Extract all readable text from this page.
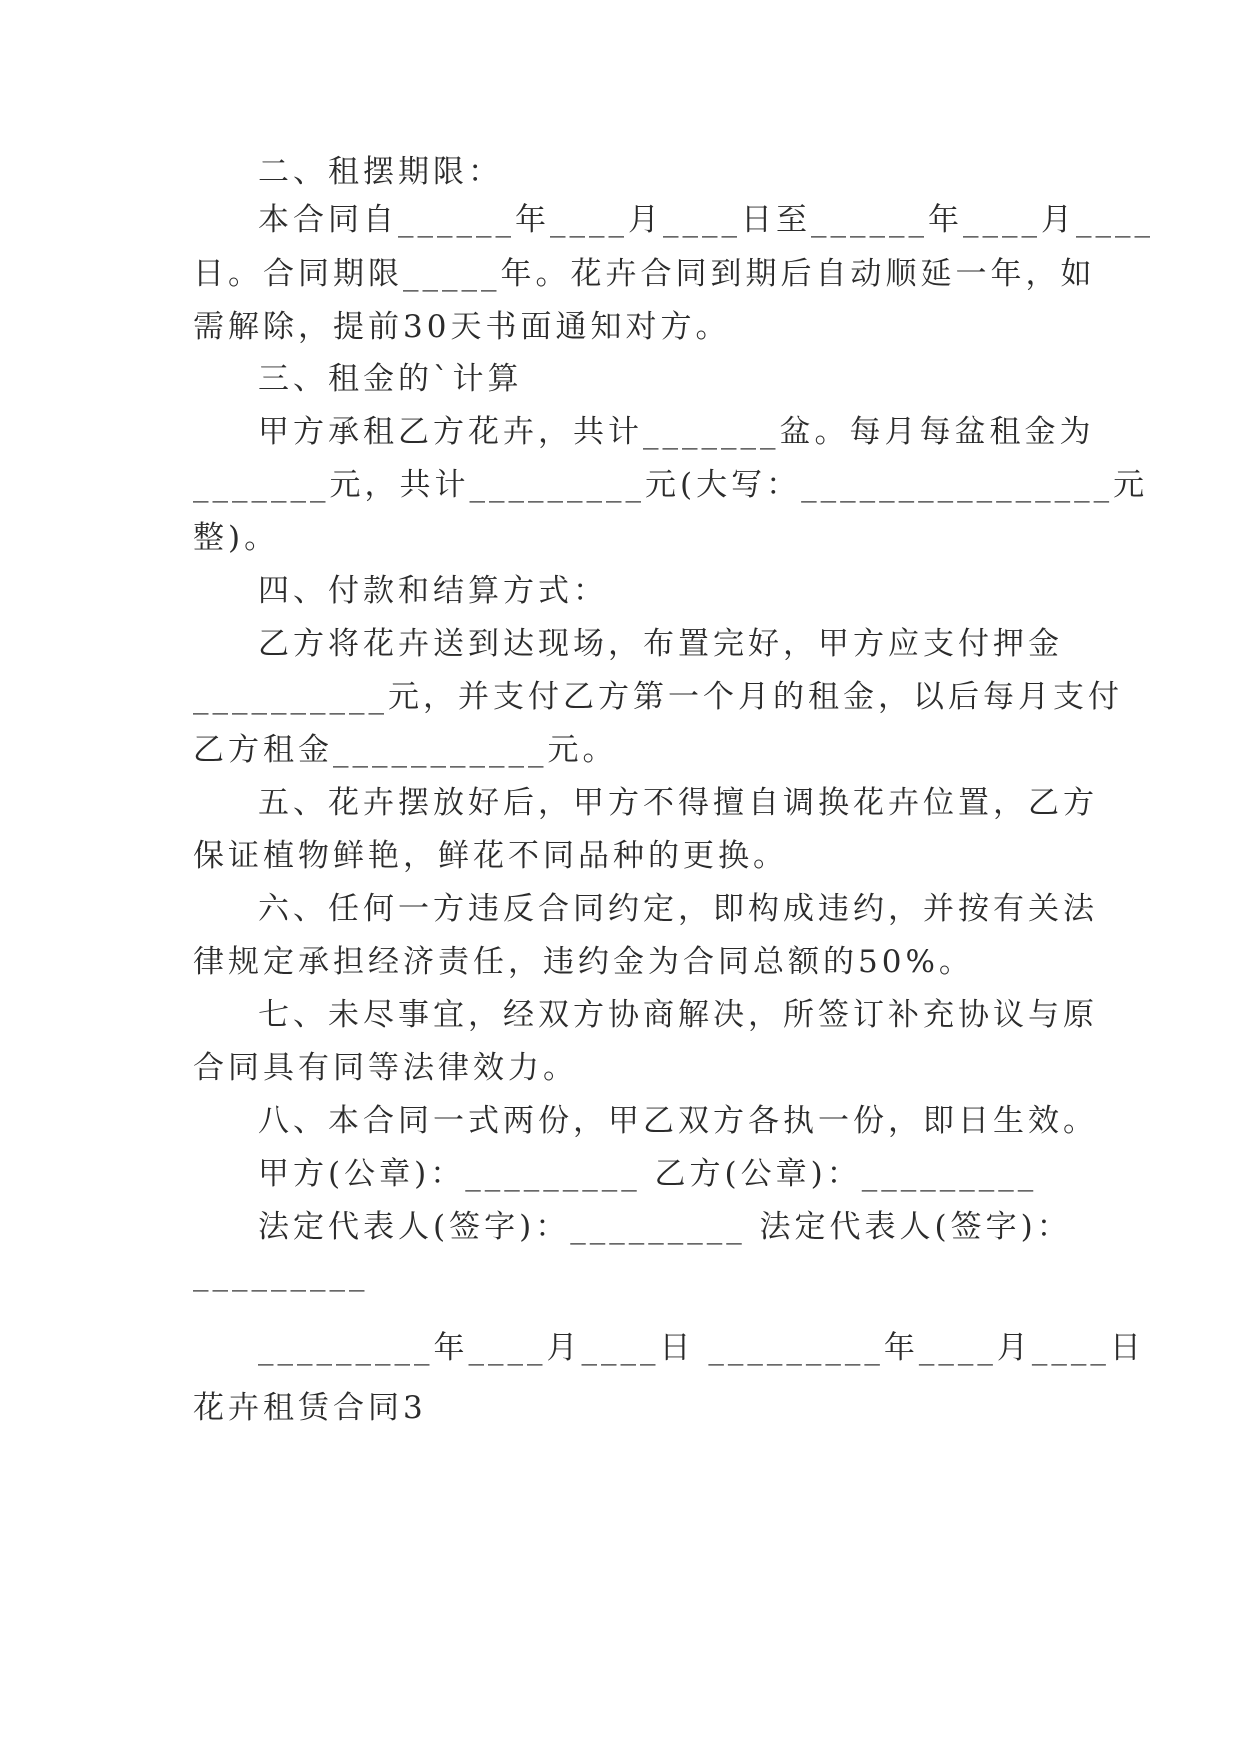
二、租摆期限：
本合同自______年____月____日至______年____月____
日。合同期限_____年。花卉合同到期后自动顺延一年，如
需解除，提前30天书面通知对方。
三、租金的`计算
甲方承租乙方花卉，共计_______盆。每月每盆租金为
_______元，共计_________元(大写：________________元
整)。
四、付款和结算方式：
乙方将花卉送到达现场，布置完好，甲方应支付押金
__________元，并支付乙方第一个月的租金，以后每月支付
乙方租金___________元。
五、花卉摆放好后，甲方不得擅自调换花卉位置，乙方
保证植物鲜艳，鲜花不同品种的更换。
六、任何一方违反合同约定，即构成违约，并按有关法
律规定承担经济责任，违约金为合同总额的50%。
七、未尽事宜，经双方协商解决，所签订补充协议与原
合同具有同等法律效力。
八、本合同一式两份，甲乙双方各执一份，即日生效。
甲方(公章)：_________ 乙方(公章)：_________
法定代表人(签字)：_________ 法定代表人(签字)：
_________
_________年____月____日 _________年____月____日
花卉租赁合同3
